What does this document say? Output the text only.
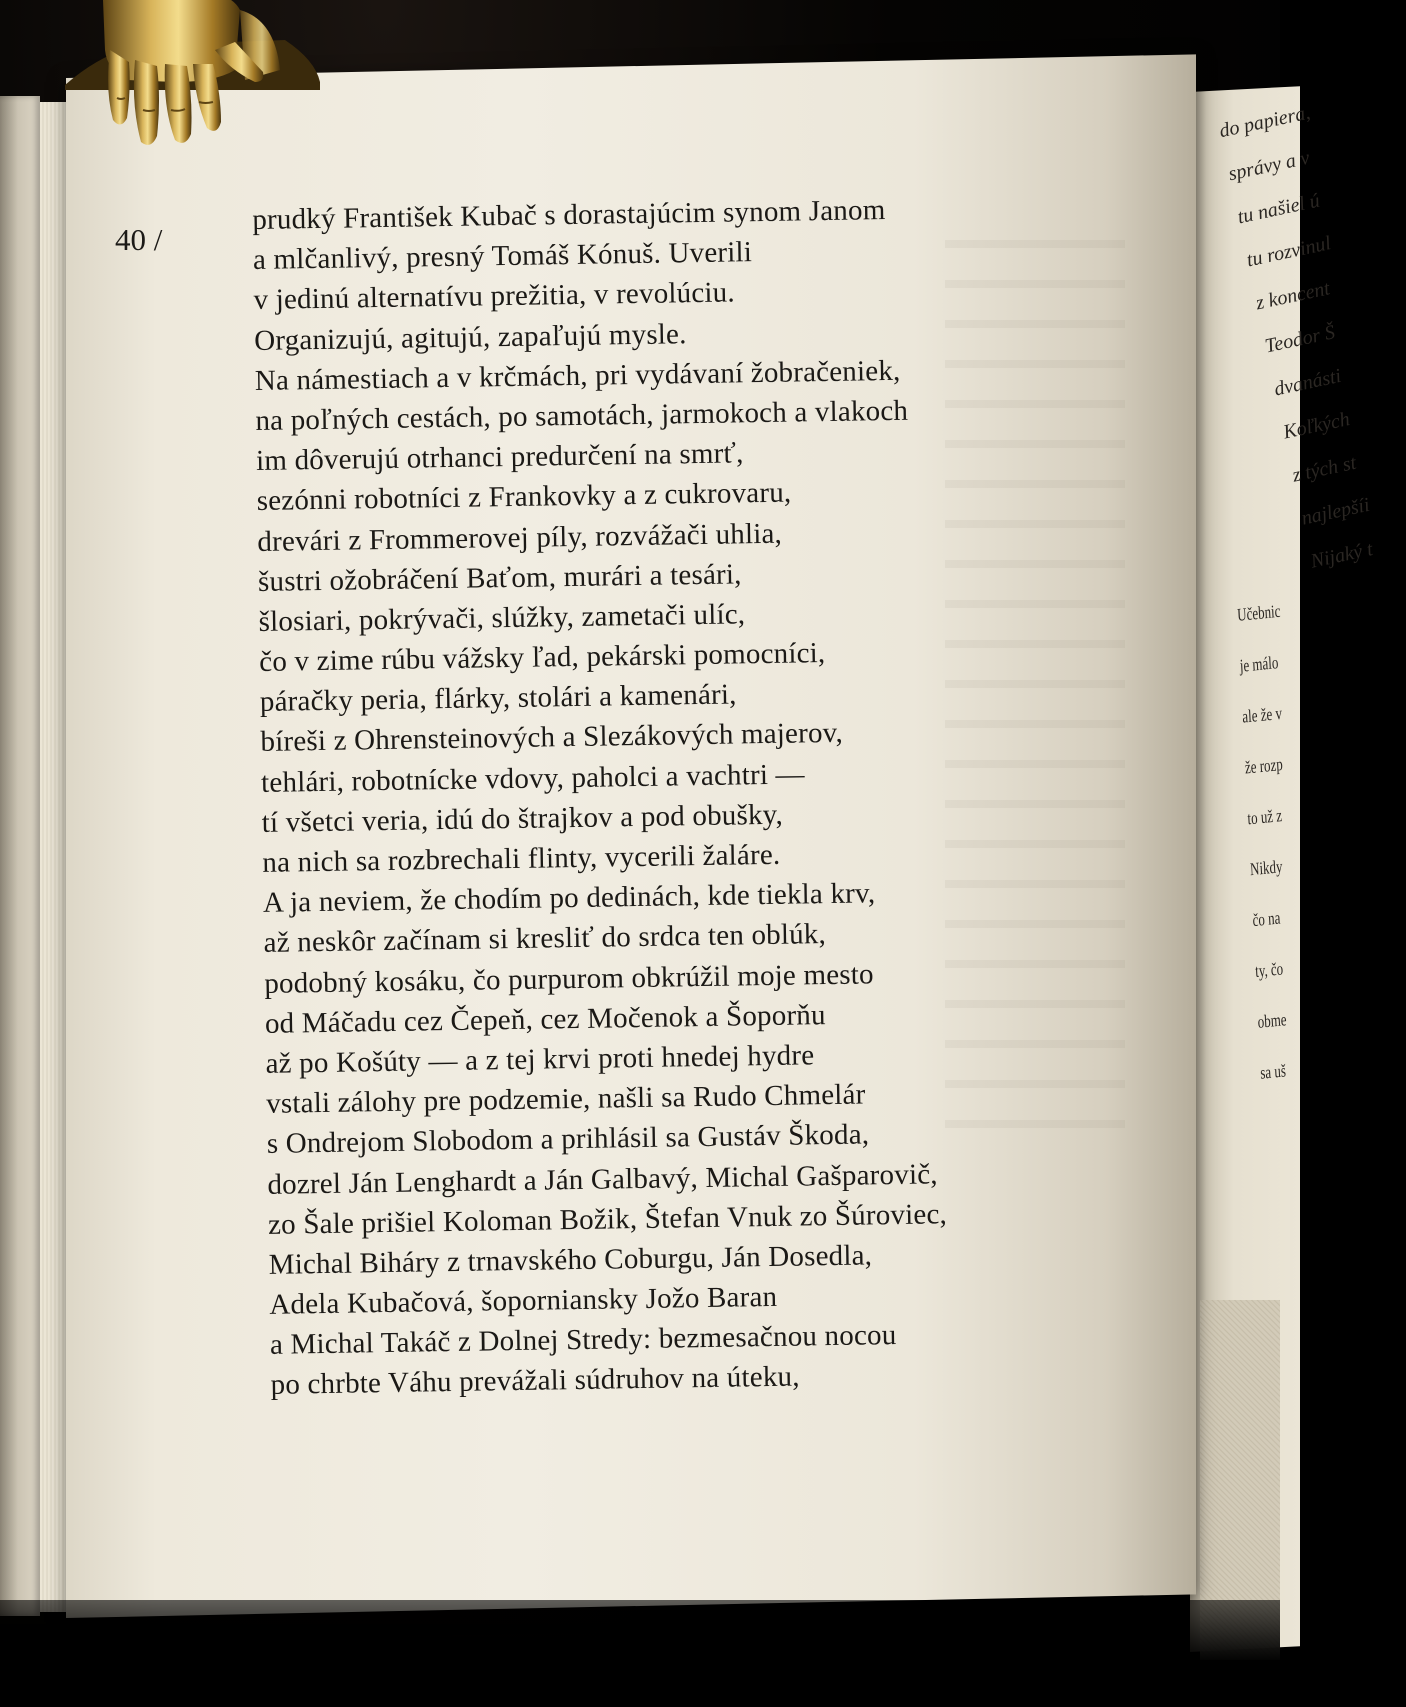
40 /
prudký František Kubač s dorastajúcim synom Janom
a mlčanlivý, presný Tomáš Kónuš. Uverili
v jedinú alternatívu prežitia, v revolúciu.
Organizujú, agitujú, zapaľujú mysle.
Na námestiach a v krčmách, pri vydávaní žobračeniek,
na poľných cestách, po samotách, jarmokoch a vlakoch
im dôverujú otrhanci predurčení na smrť,
sezónni robotníci z Frankovky a z cukrovaru,
drevári z Frommerovej píly, rozvážači uhlia,
šustri ožobráčení Baťom, murári a tesári,
šlosiari, pokrývači, slúžky, zametači ulíc,
čo v zime rúbu vážsky ľad, pekárski pomocníci,
páračky peria, flárky, stolári a kamenári,
bíreši z Ohrensteinových a Slezákových majerov,
tehlári, robotnícke vdovy, paholci a vachtri —
tí všetci veria, idú do štrajkov a pod obušky,
na nich sa rozbrechali flinty, vycerili žaláre.
A ja neviem, že chodím po dedinách, kde tiekla krv,
až neskôr začínam si kresliť do srdca ten oblúk,
podobný kosáku, čo purpurom obkrúžil moje mesto
od Máčadu cez Čepeň, cez Močenok a Šoporňu
až po Košúty — a z tej krvi proti hnedej hydre
vstali zálohy pre podzemie, našli sa Rudo Chmelár
s Ondrejom Slobodom a prihlásil sa Gustáv Škoda,
dozrel Ján Lenghardt a Ján Galbavý, Michal Gašparovič,
zo Šale prišiel Koloman Božik, Štefan Vnuk zo Šúroviec,
Michal Biháry z trnavského Coburgu, Ján Dosedla,
Adela Kubačová, šoporniansky Jožo Baran
a Michal Takáč z Dolnej Stredy: bezmesačnou nocou
po chrbte Váhu prevážali súdruhov na úteku,
do papiera,
správy a v
tu našiel ú
tu rozvinul
z koncent
Teodor Š
dvanásti
Koľkých
z tých st
najlepšíi
Nijaký t
Učebnic
je málo
ale že v
že rozp
to už z
Nikdy
čo na
ty, čo
obme
sa uš
